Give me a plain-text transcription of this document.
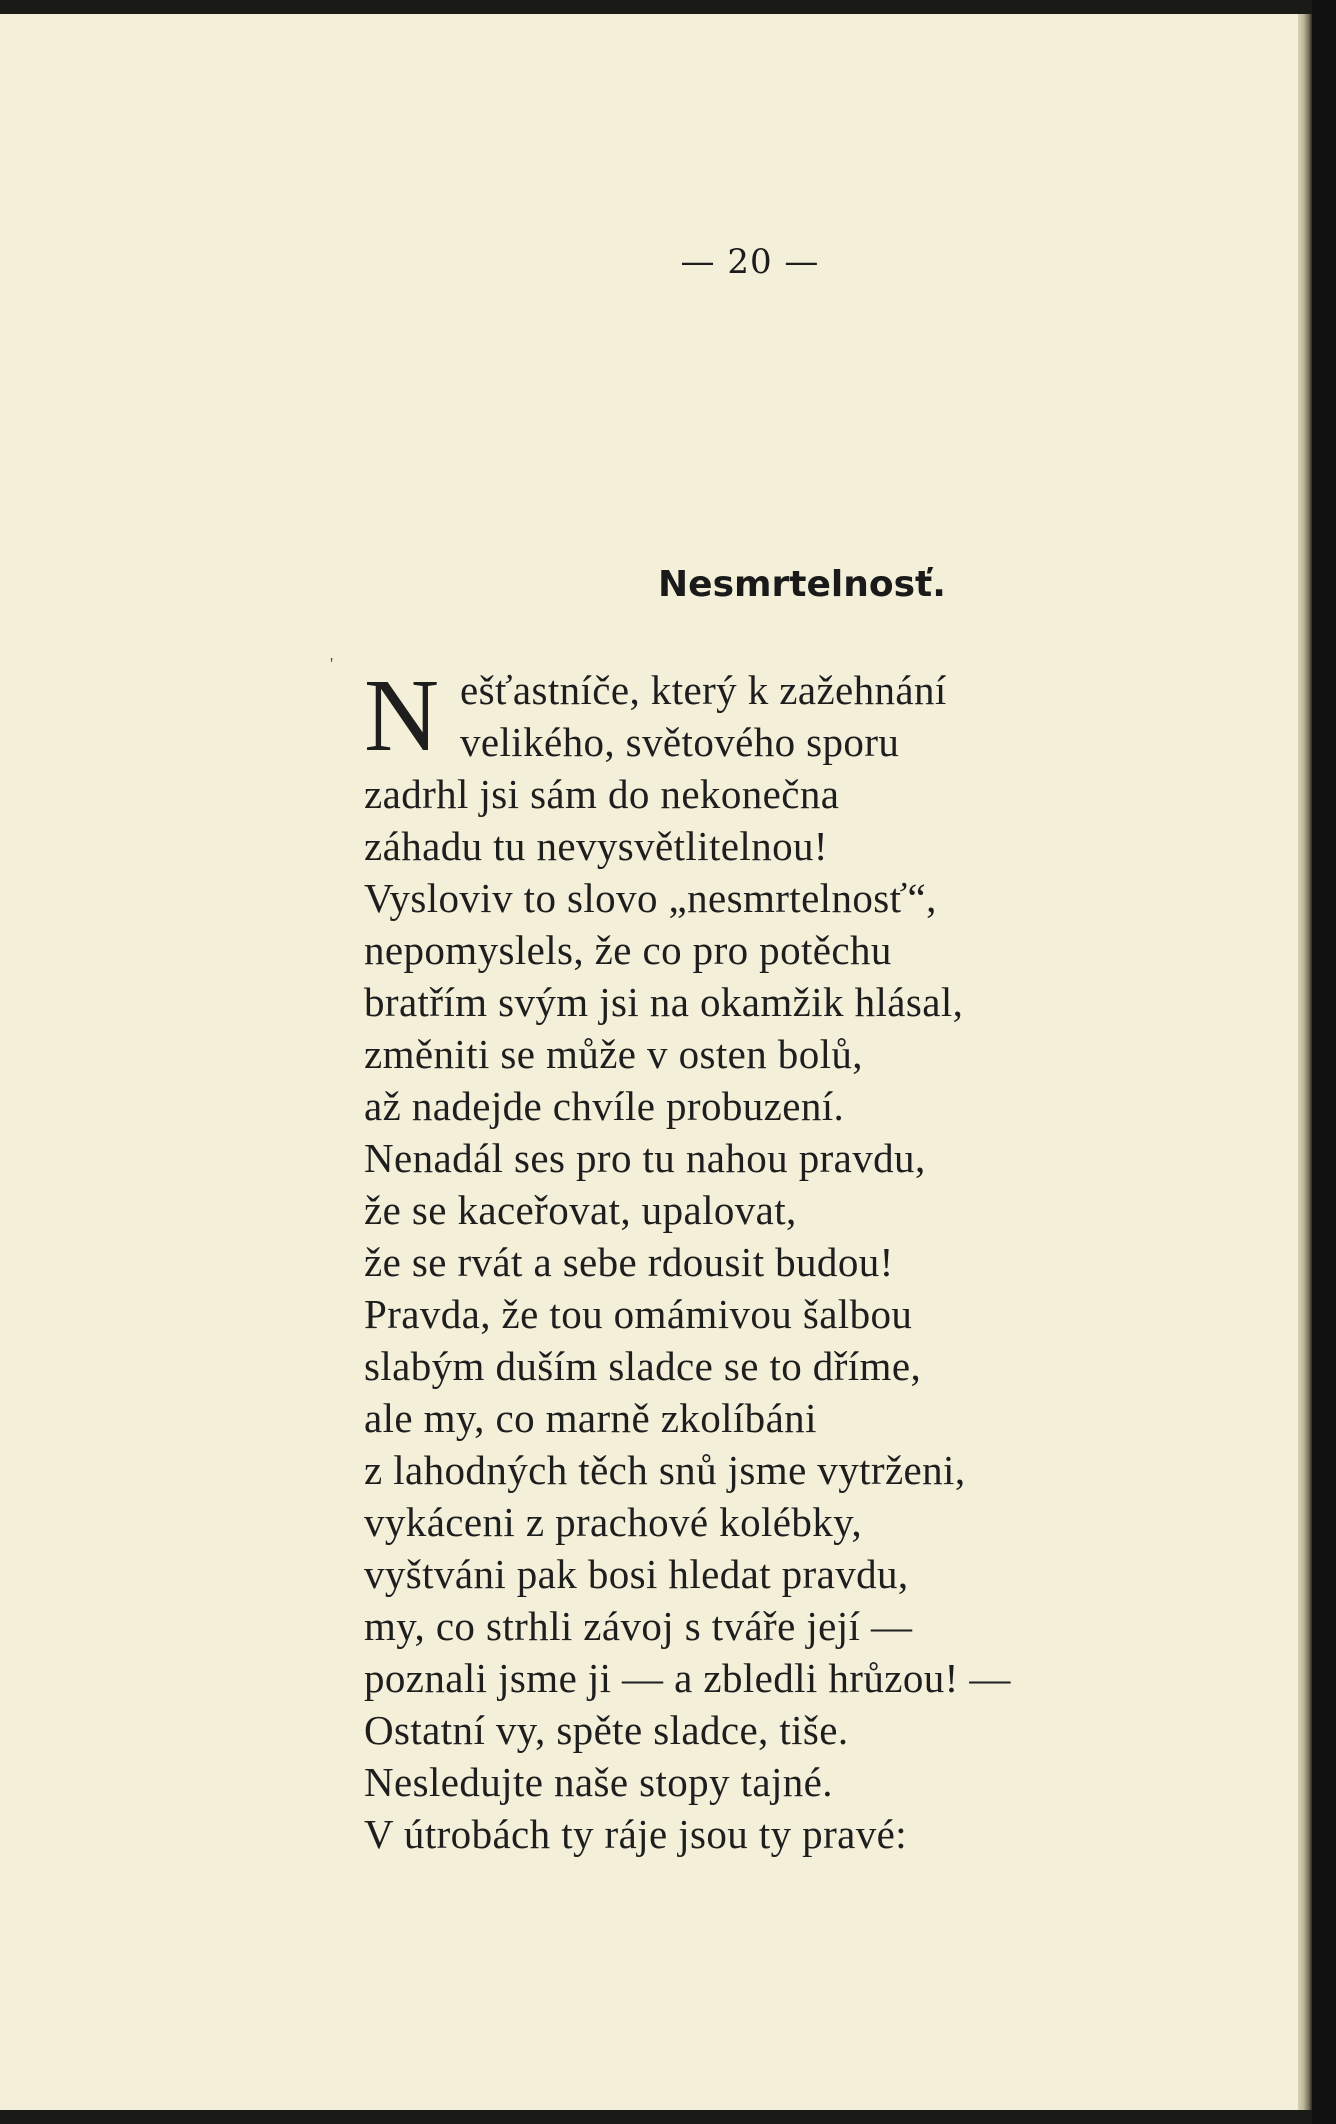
'
— 20 —
Nesmrtelnosť.
N ešťastníče, který k zažehnání
velikého, světového sporu
zadrhl jsi sám do nekonečna
záhadu tu nevysvětlitelnou!
Vysloviv to slovo „nesmrtelnosť“,
nepomyslels, že co pro potěchu
bratřím svým jsi na okamžik hlásal,
změniti se může v osten bolů,
až nadejde chvíle probuzení.
Nenadál ses pro tu nahou pravdu,
že se kaceřovat, upalovat,
že se rvát a sebe rdousit budou!
Pravda, že tou omámivou šalbou
slabým duším sladce se to dříme,
ale my, co marně zkolíbáni
z lahodných těch snů jsme vytrženi,
vykáceni z prachové kolébky,
vyštváni pak bosi hledat pravdu,
my, co strhli závoj s tváře její —
poznali jsme ji — a zbledli hrůzou! —
Ostatní vy, spěte sladce, tiše.
Nesledujte naše stopy tajné.
V útrobách ty ráje jsou ty pravé:
